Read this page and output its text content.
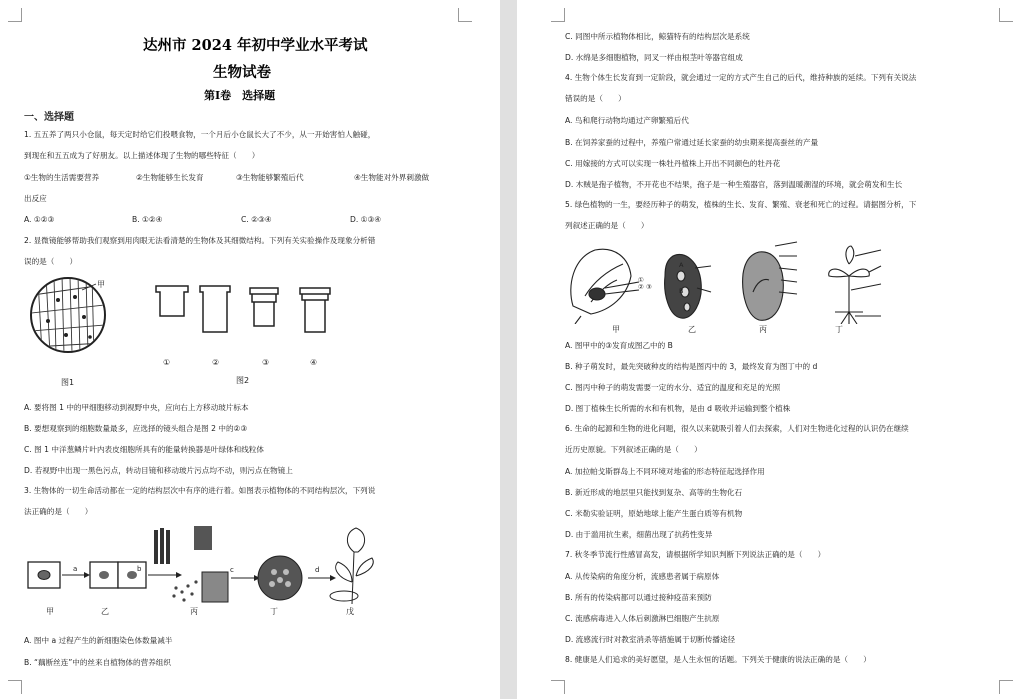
达州市 2024 年初中学业水平考试
生物试卷
第Ⅰ卷　选择题
一、选择题
1. 五五养了两只小仓鼠，每天定时给它们投喂食物，一个月后小仓鼠长大了不少，从一开始害怕人触碰，
到现在和五五成为了好朋友。以上描述体现了生物的哪些特征（　　）
①生物的生活需要营养	②生物能够生长发育	③生物能够繁殖后代	④生物能对外界刺激做
出反应
A. ①②③	B. ①②④	C. ②③④	D. ①③④
2. 显微镜能够帮助我们观察到用肉眼无法看清楚的生物体及其细微结构。下列有关实验操作及现象分析错
误的是（　　）
甲
图1
①	②	③	④
图2
A. 要将图 1 中的甲细胞移动到视野中央，应向右上方移动玻片标本
B. 要想观察到的细胞数量最多，应选择的镜头组合是图 2 中的②③
C. 图 1 中洋葱鳞片叶内表皮细胞所具有的能量转换器是叶绿体和线粒体
D. 若视野中出现一黑色污点，转动目镜和移动玻片污点均不动，则污点在物镜上
3. 生物体的一切生命活动都在一定的结构层次中有序的进行着。如图表示植物体的不同结构层次，下列说
法正确的是（　　）
a	b	c	d
甲	乙	丙	丁	戊
A. 图中 a 过程产生的新细胞染色体数量减半
B. “藕断丝连”中的丝来自植物体的营养组织
C. 同图中所示植物体相比，鲸猫特有的结构层次是系统
D. 水绵是多细胞植物，同叉一样由根茎叶等器官组成
4. 生物个体生长发育到一定阶段，就会通过一定的方式产生自己的后代，维持种族的延续。下列有关说法
错误的是（　　）
A. 鸟和爬行动物均通过产卵繁殖后代
B. 在饲养家蚕的过程中，养殖户常通过延长家蚕的幼虫期来提高蚕丝的产量
C. 用嫁接的方式可以实现一株牡丹植株上开出不同颜色的牡丹花
D. 木贼是孢子植物，不开花也不结果，孢子是一种生殖器官，落到温暖潮湿的环境，就会萌发和生长
5. 绿色植物的一生，要经历种子的萌发，植株的生长、发育、繁殖、衰老和死亡的过程。请据图分析，下
列叙述正确的是（　　）
A
B
①
② ③
甲	乙	丙	丁
A. 图甲中的③发育成图乙中的 B
B. 种子萌发时，最先突破种皮的结构是图丙中的 3，最终发育为图丁中的 d
C. 图丙中种子的萌发需要一定的水分、适宜的温度和充足的光照
D. 图丁植株生长所需的水和有机物，是由 d 吸收并运输到整个植株
6. 生命的起源和生物的进化问题，很久以来就吸引着人们去探索，人们对生物进化过程的认识仍在继续
近历史原貌。下列叙述正确的是（　　）
A. 加拉帕戈斯群岛上不同环境对地雀的形态特征起选择作用
B. 新近形成的地层里只能找到复杂、高等的生物化石
C. 米勒实验证明，原始地球上能产生蛋白质等有机物
D. 由于滥用抗生素，细菌出现了抗药性变异
7. 秋冬季节流行性感冒高发，请根据所学知识判断下列说法正确的是（　　）
A. 从传染病的角度分析，流感患者属于病原体
B. 所有的传染病都可以通过接种疫苗来预防
C. 流感病毒进入人体后刺激淋巴细胞产生抗原
D. 流感流行时对教室消杀等措施属于切断传播途径
8. 健康是人们追求的美好愿望，是人生永恒的话题。下列关于健康的说法正确的是（　　）
